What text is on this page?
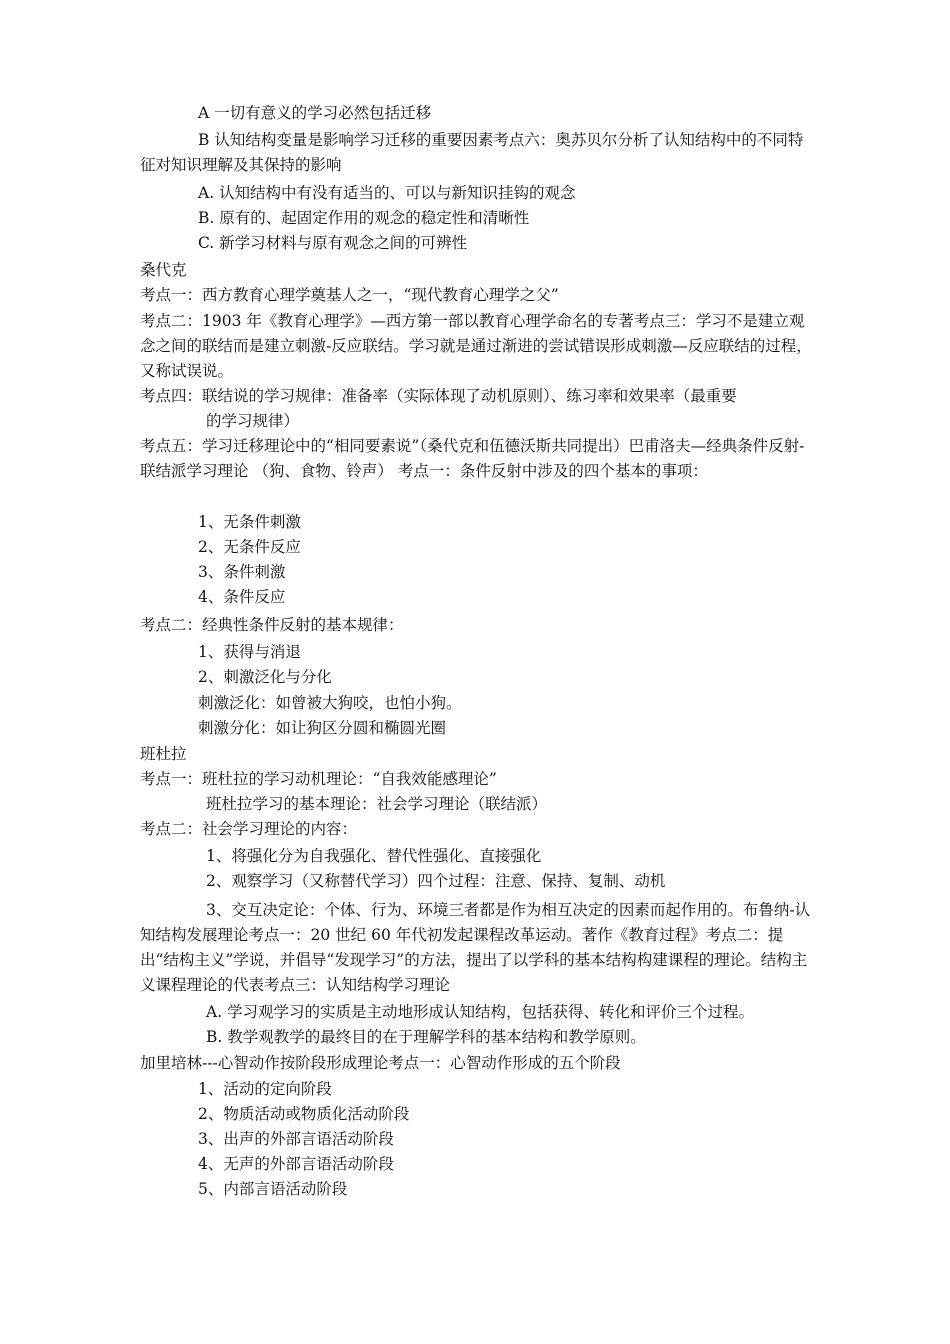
A 一切有意义的学习必然包括迁移
B 认知结构变量是影响学习迁移的重要因素考点六：奥苏贝尔分析了认知结构中的不同特征对知识理解及其保持的影响
A. 认知结构中有没有适当的、可以与新知识挂钩的观念
B. 原有的、起固定作用的观念的稳定性和清晰性
C. 新学习材料与原有观念之间的可辨性
桑代克
考点一：西方教育心理学奠基人之一，“现代教育心理学之父”
考点二：1903 年《教育心理学》—西方第一部以教育心理学命名的专著考点三：学习不是建立观念之间的联结而是建立刺激-反应联结。学习就是通过渐进的尝试错误形成刺激—反应联结的过程，又称试误说。
考点四：联结说的学习规律：准备率（实际体现了动机原则）、练习率和效果率（最重要
的学习规律）
考点五：学习迁移理论中的“相同要素说”（桑代克和伍德沃斯共同提出）巴甫洛夫—经典条件反射-联结派学习理论 （狗、食物、铃声） 考点一：条件反射中涉及的四个基本的事项：
1、无条件刺激
2、无条件反应
3、条件刺激
4、条件反应
考点二：经典性条件反射的基本规律：
1、获得与消退
2、刺激泛化与分化
刺激泛化：如曾被大狗咬，也怕小狗。
刺激分化：如让狗区分圆和椭圆光圈
班杜拉
考点一：班杜拉的学习动机理论：“自我效能感理论”
班杜拉学习的基本理论：社会学习理论（联结派）
考点二：社会学习理论的内容：
1、将强化分为自我强化、替代性强化、直接强化
2、观察学习（又称替代学习）四个过程：注意、保持、复制、动机
3、交互决定论：个体、行为、环境三者都是作为相互决定的因素而起作用的。布鲁纳-认知结构发展理论考点一：20 世纪 60 年代初发起课程改革运动。著作《教育过程》考点二：提出“结构主义”学说，并倡导“发现学习”的方法，提出了以学科的基本结构构建课程的理论。结构主义课程理论的代表考点三：认知结构学习理论
A. 学习观学习的实质是主动地形成认知结构，包括获得、转化和评价三个过程。
B. 教学观教学的最终目的在于理解学科的基本结构和教学原则。
加里培林---心智动作按阶段形成理论考点一：心智动作形成的五个阶段
1、活动的定向阶段
2、物质活动或物质化活动阶段
3、出声的外部言语活动阶段
4、无声的外部言语活动阶段
5、内部言语活动阶段
